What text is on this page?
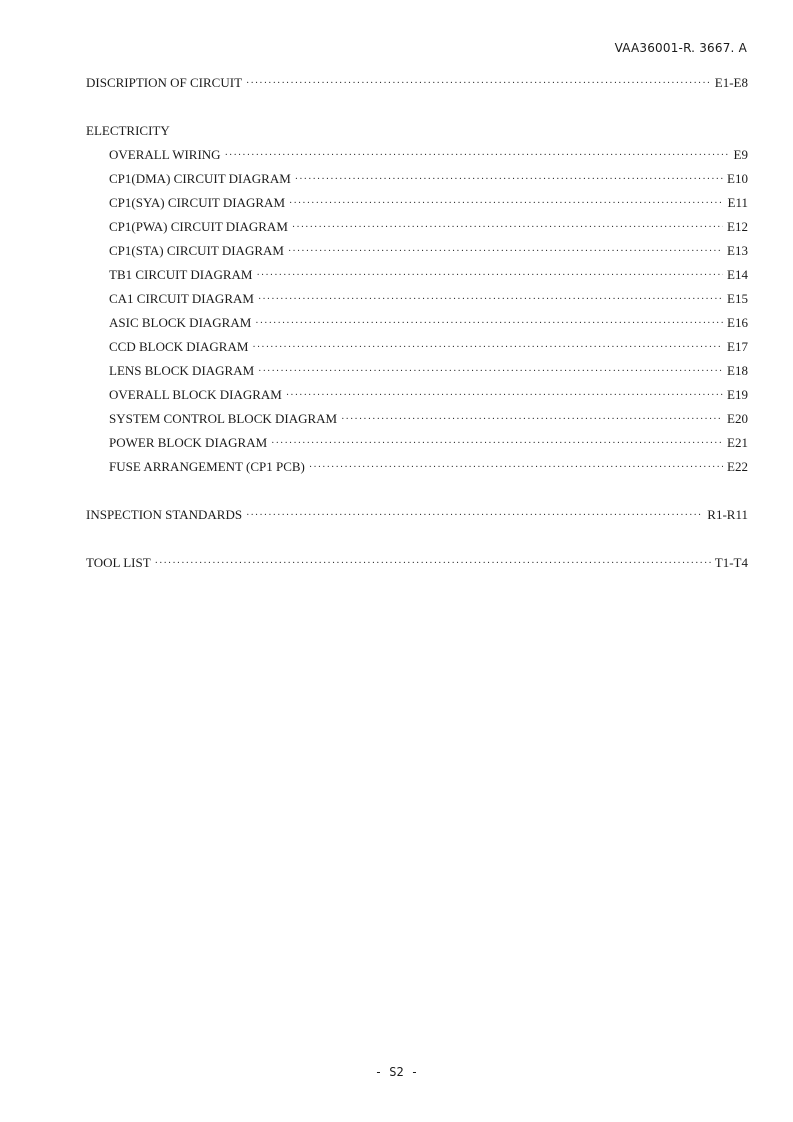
VAA36001-R. 3667. A
DISCRIPTION OF CIRCUIT ·····	E1-E8
ELECTRICITY
OVERALL WIRING ·····	E9
CP1(DMA) CIRCUIT DIAGRAM ·····	E10
CP1(SYA) CIRCUIT DIAGRAM ·····	E11
CP1(PWA) CIRCUIT DIAGRAM ·····	E12
CP1(STA) CIRCUIT DIAGRAM ·····	E13
TB1 CIRCUIT DIAGRAM ·····	E14
CA1 CIRCUIT DIAGRAM ·····	E15
ASIC BLOCK DIAGRAM ·····	E16
CCD BLOCK DIAGRAM ·····	E17
LENS BLOCK DIAGRAM ·····	E18
OVERALL BLOCK DIAGRAM ·····	E19
SYSTEM CONTROL BLOCK DIAGRAM ·····	E20
POWER BLOCK DIAGRAM ·····	E21
FUSE ARRANGEMENT (CP1 PCB) ·····	E22
INSPECTION STANDARDS ·····	R1-R11
TOOL LIST ·····	T1-T4
- S2 -
